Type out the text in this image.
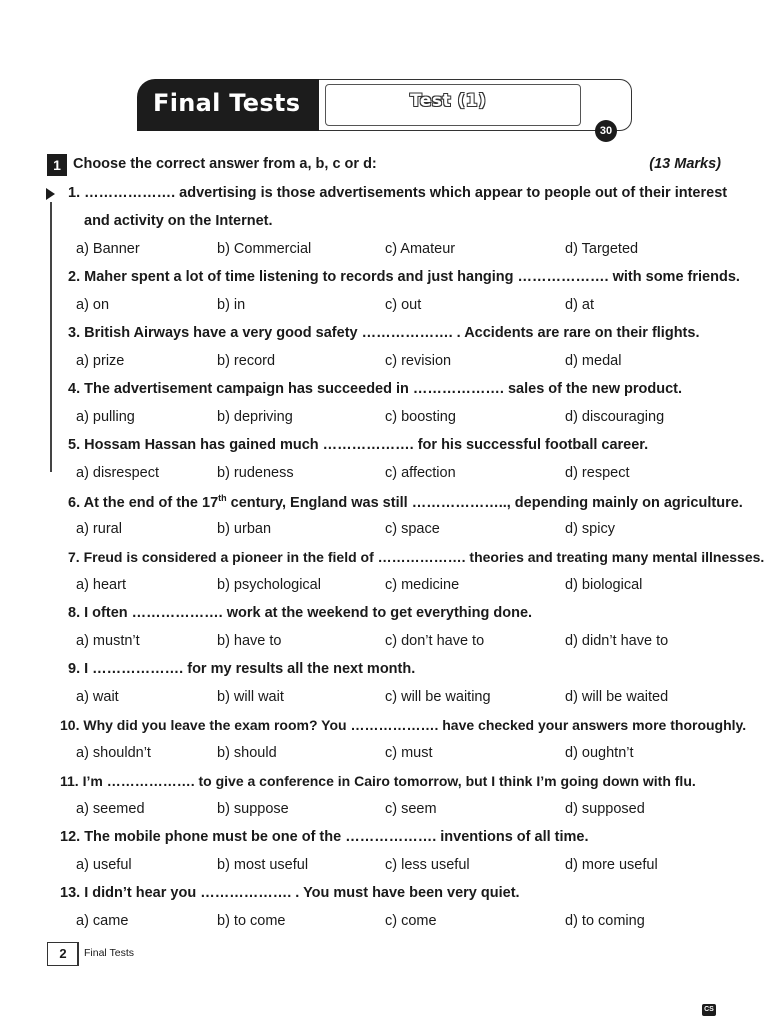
Final Tests	Test (1)
30
1 Choose the correct answer from a, b, c or d:	(13 Marks)
1. ………………. advertising is those advertisements which appear to people out of their interest
and activity on the Internet.
a) Banner	b) Commercial	c) Amateur	d) Targeted
2. Maher spent a lot of time listening to records and just hanging ………………. with some friends.
a) on	b) in	c) out	d) at
3. British Airways have a very good safety ………………. . Accidents are rare on their flights.
a) prize	b) record	c) revision	d) medal
4. The advertisement campaign has succeeded in ………………. sales of the new product.
a) pulling	b) depriving	c) boosting	d) discouraging
5. Hossam Hassan has gained much ………………. for his successful football career.
a) disrespect	b) rudeness	c) affection	d) respect
6. At the end of the 17th century, England was still ……………….., depending mainly on agriculture.
a) rural	b) urban	c) space	d) spicy
7. Freud is considered a pioneer in the field of ………………. theories and treating many mental illnesses.
a) heart	b) psychological	c) medicine	d) biological
8. I often ………………. work at the weekend to get everything done.
a) mustn’t	b) have to	c) don’t have to	d) didn’t have to
9. I ………………. for my results all the next month.
a) wait	b) will wait	c) will be waiting	d) will be waited
10. Why did you leave the exam room? You ………………. have checked your answers more thoroughly.
a) shouldn’t	b) should	c) must	d) oughtn’t
11. I’m ………………. to give a conference in Cairo tomorrow, but I think I’m going down with flu.
a) seemed	b) suppose	c) seem	d) supposed
12. The mobile phone must be one of the ………………. inventions of all time.
a) useful	b) most useful	c) less useful	d) more useful
13. I didn’t hear you ………………. . You must have been very quiet.
a) came	b) to come	c) come	d) to coming
2	Final Tests
CS
